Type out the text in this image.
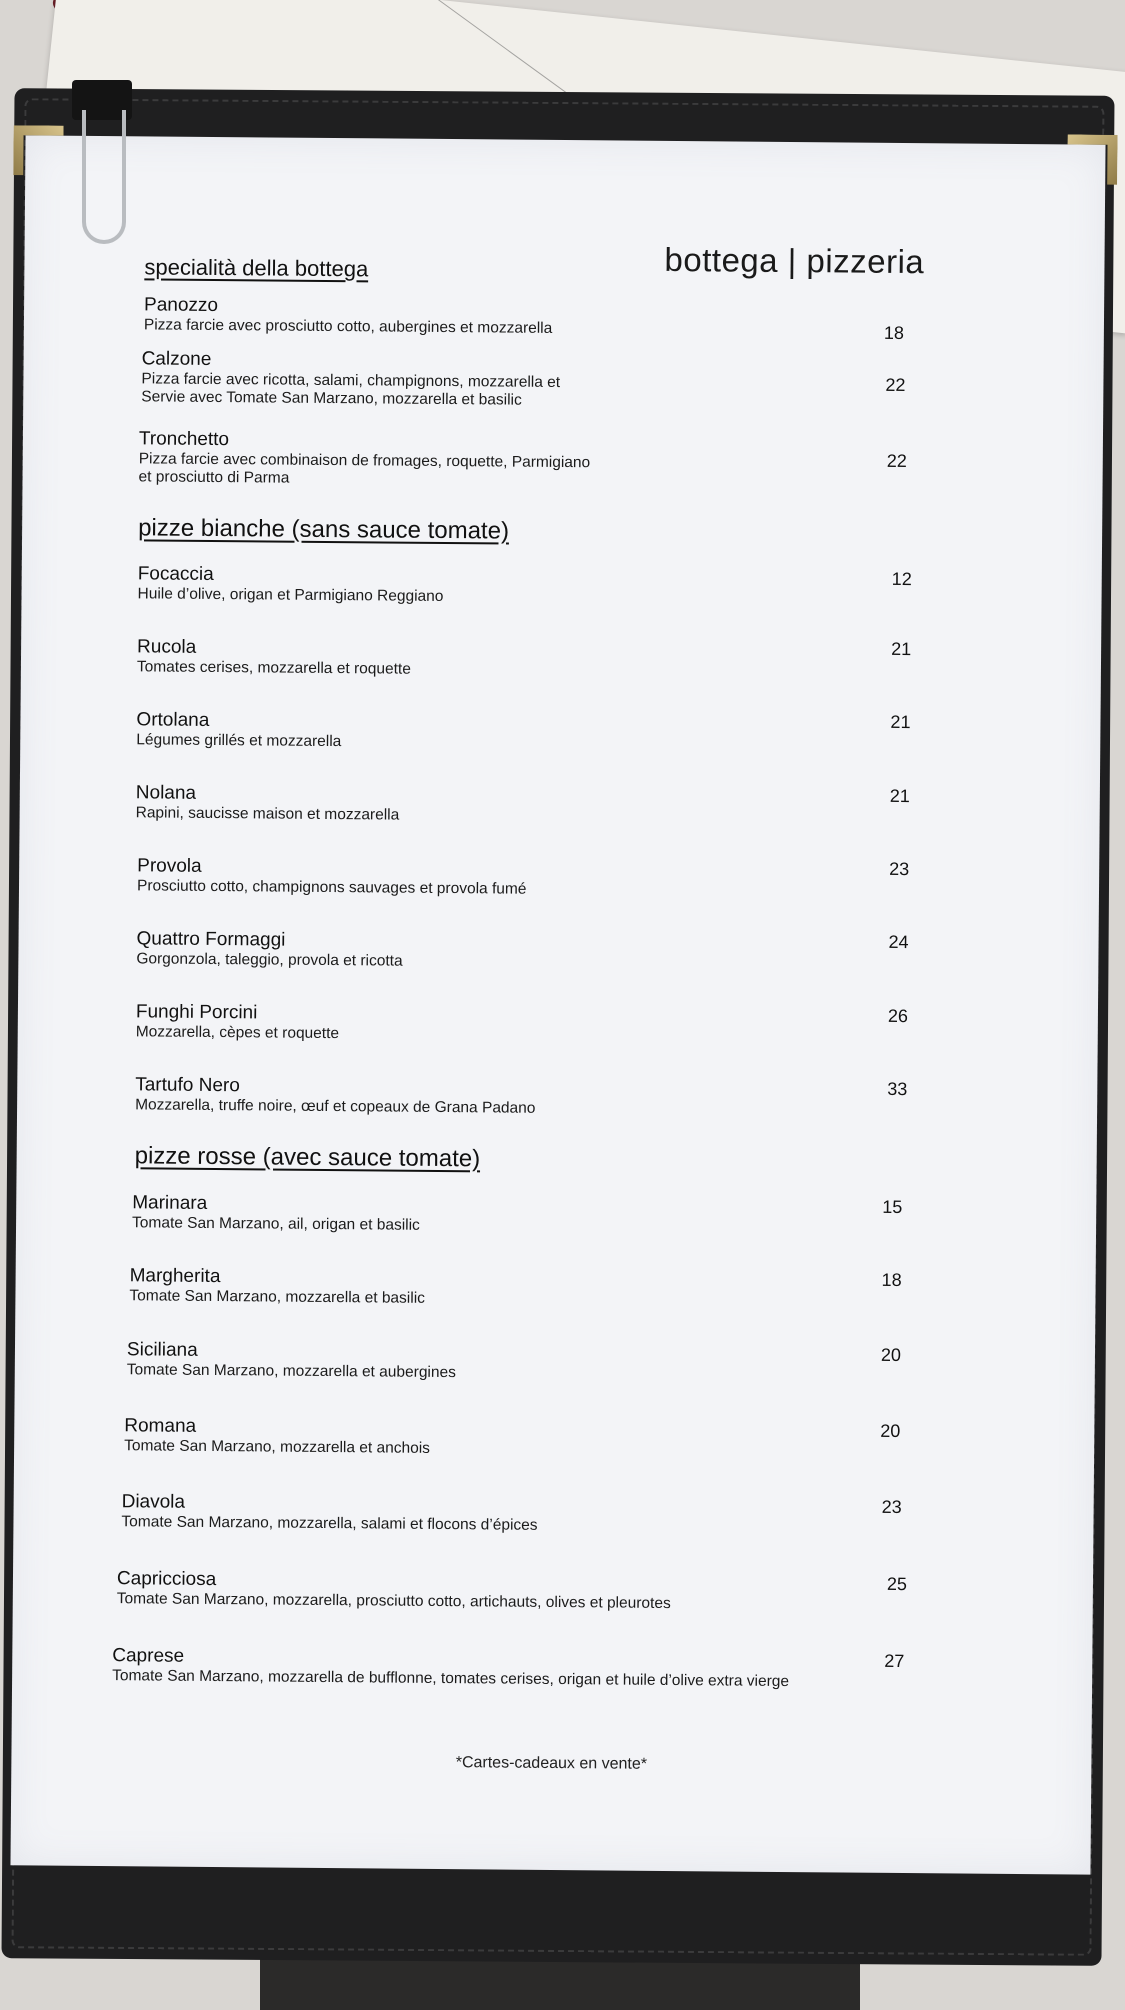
bottega | pizzeria
specialità della bottega
Panozzo
Pizza farcie avec prosciutto cotto, aubergines et mozzarella	18
Calzone
Pizza farcie avec ricotta, salami, champignons, mozzarella et
Servie avec Tomate San Marzano, mozzarella et basilic
22
Tronchetto
Pizza farcie avec combinaison de fromages, roquette, Parmigiano
et prosciutto di Parma
22
pizze bianche (sans sauce tomate)
Focaccia
Huile d’olive, origan et Parmigiano Reggiano
12
Rucola
Tomates cerises, mozzarella et roquette
21
Ortolana
Légumes grillés et mozzarella
21
Nolana
Rapini, saucisse maison et mozzarella
21
Provola
Prosciutto cotto, champignons sauvages et provola fumé
23
Quattro Formaggi
Gorgonzola, taleggio, provola et ricotta
24
Funghi Porcini
Mozzarella, cèpes et roquette
26
Tartufo Nero
Mozzarella, truffe noire, œuf et copeaux de Grana Padano
33
pizze rosse (avec sauce tomate)
Marinara
Tomate San Marzano, ail, origan et basilic
15
Margherita
Tomate San Marzano, mozzarella et basilic
18
Siciliana
Tomate San Marzano, mozzarella et aubergines
20
Romana
Tomate San Marzano, mozzarella et anchois
20
Diavola
Tomate San Marzano, mozzarella, salami et flocons d’épices
23
Capricciosa
Tomate San Marzano, mozzarella, prosciutto cotto, artichauts, olives et pleurotes
25
Caprese
Tomate San Marzano, mozzarella de bufflonne, tomates cerises, origan et huile d’olive extra vierge
27
*Cartes-cadeaux en vente*
